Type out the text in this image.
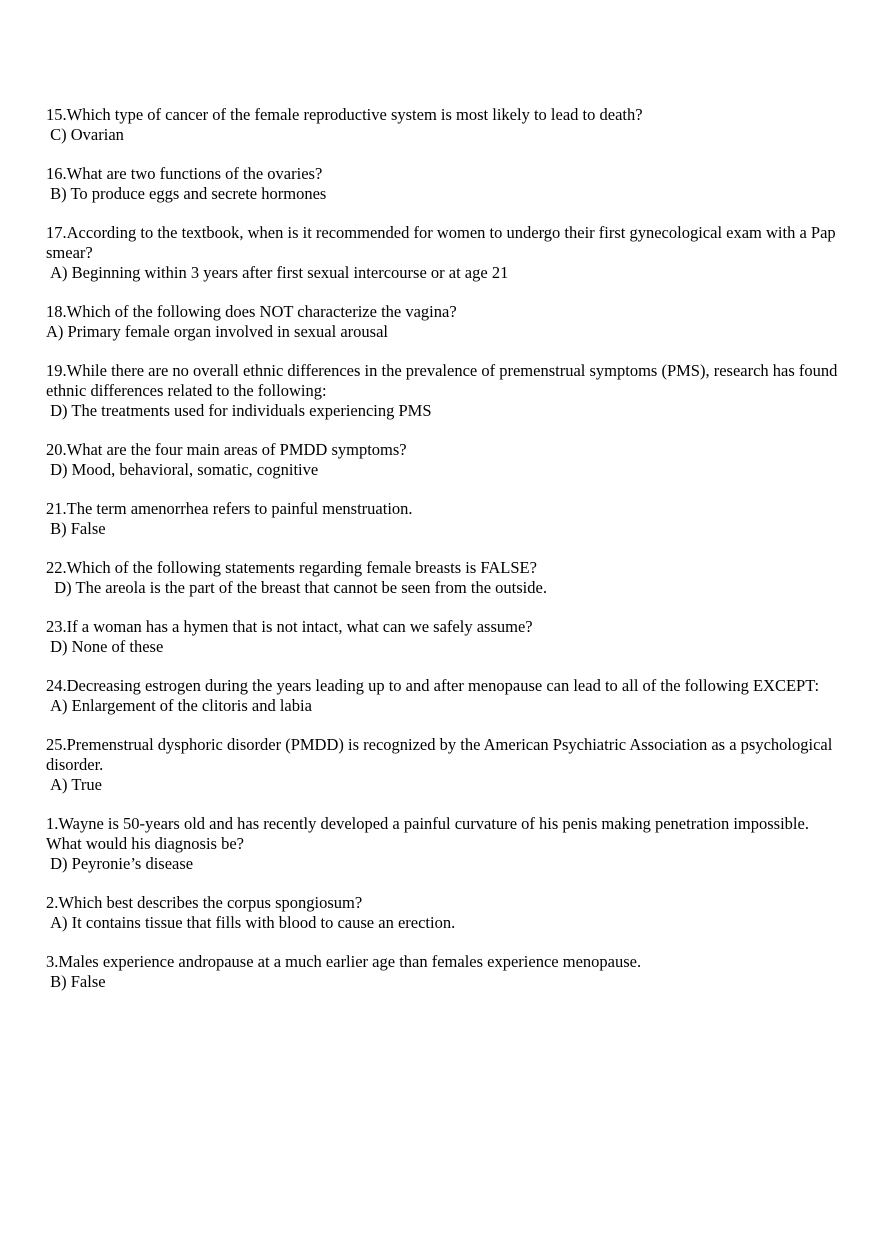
15.Which type of cancer of the female reproductive system is most likely to lead to death?

C) Ovarian

16.What are two functions of the ovaries?

B) To produce eggs and secrete hormones

17.According to the textbook, when is it recommended for women to undergo their first gynecological exam with a Pap smear?

A) Beginning within 3 years after first sexual intercourse or at age 21

18.Which of the following does NOT characterize the vagina?

A) Primary female organ involved in sexual arousal

19.While there are no overall ethnic differences in the prevalence of premenstrual symptoms (PMS), research has found ethnic differences related to the following:

D) The treatments used for individuals experiencing PMS

20.What are the four main areas of PMDD symptoms?

D) Mood, behavioral, somatic, cognitive

21.The term amenorrhea refers to painful menstruation.

B) False

22.Which of the following statements regarding female breasts is FALSE?

D) The areola is the part of the breast that cannot be seen from the outside.

23.If a woman has a hymen that is not intact, what can we safely assume?

D) None of these

24.Decreasing estrogen during the years leading up to and after menopause can lead to all of the following EXCEPT:

A) Enlargement of the clitoris and labia

25.Premenstrual dysphoric disorder (PMDD) is recognized by the American Psychiatric Association as a psychological disorder.

A) True

1.Wayne is 50-years old and has recently developed a painful curvature of his penis making penetration impossible. What would his diagnosis be?

D) Peyronie’s disease

2.Which best describes the corpus spongiosum?

A) It contains tissue that fills with blood to cause an erection.

3.Males experience andropause at a much earlier age than females experience menopause.

B) False
